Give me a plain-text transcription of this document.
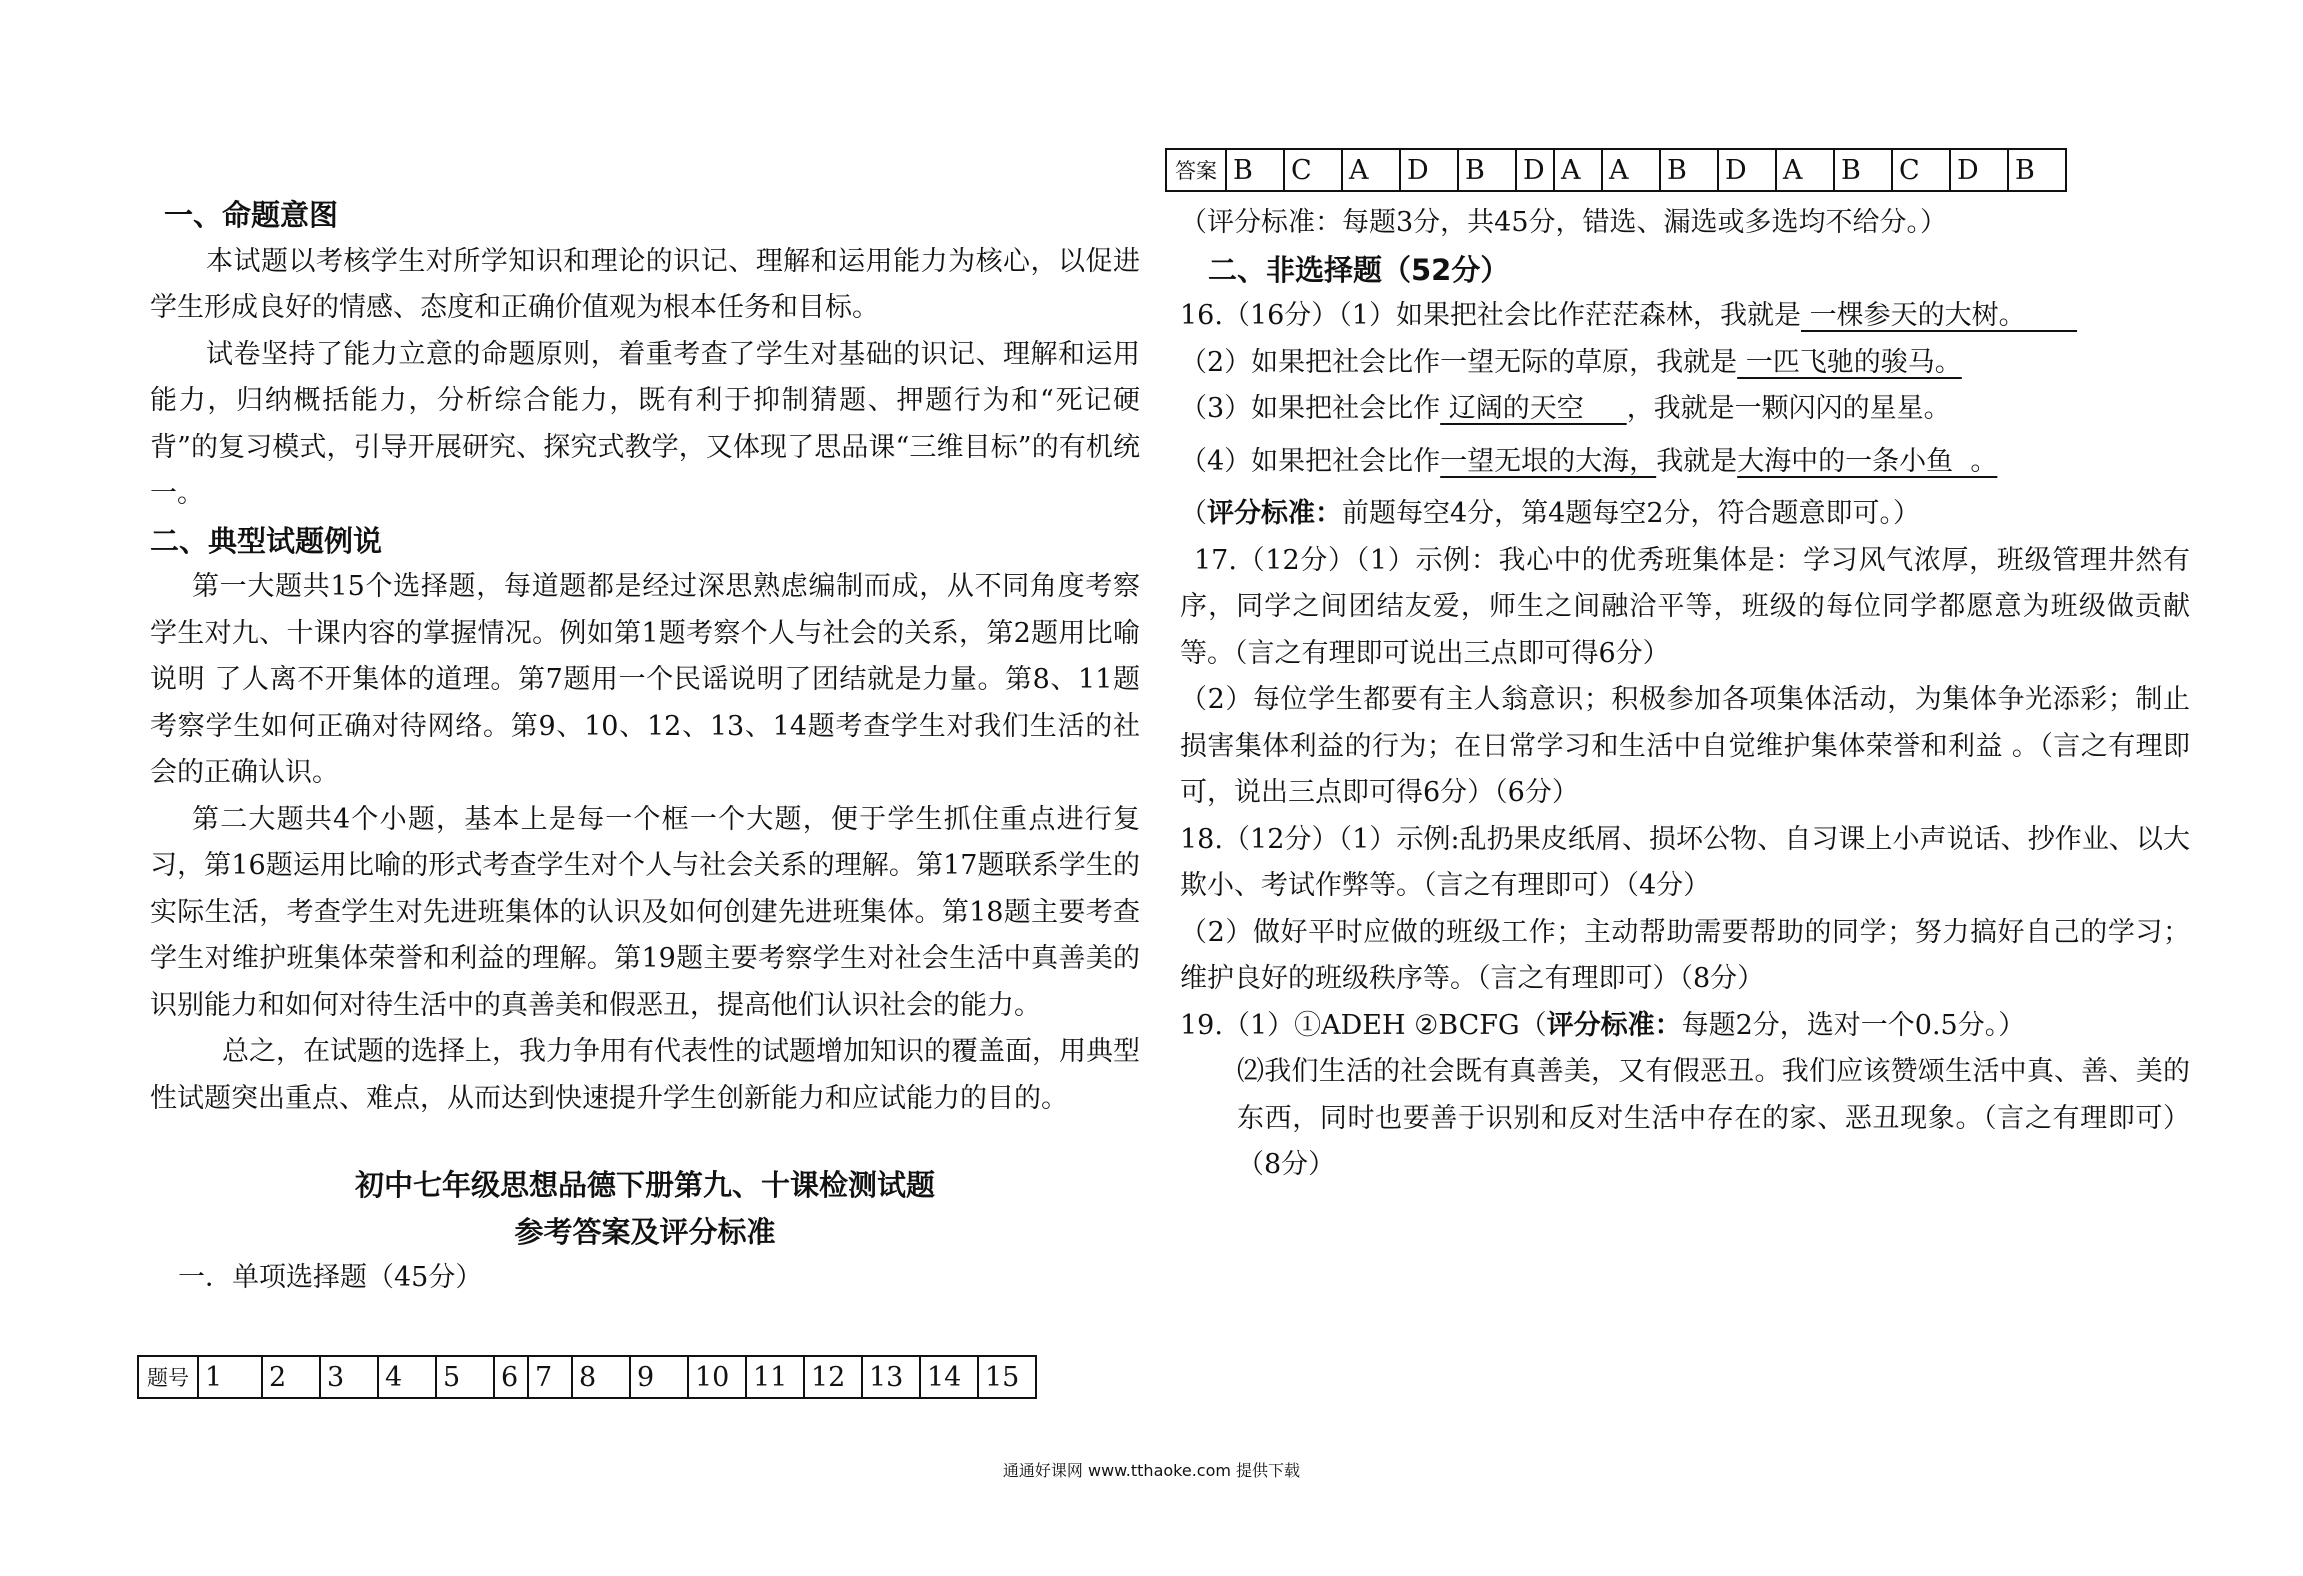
一、命题意图
本试题以考核学生对所学知识和理论的识记、理解和运用能力为核心，以促进学生形成良好的情感、态度和正确价值观为根本任务和目标。
试卷坚持了能力立意的命题原则，着重考查了学生对基础的识记、理解和运用能力，归纳概括能力，分析综合能力，既有利于抑制猜题、押题行为和“死记硬背”的复习模式，引导开展研究、探究式教学，又体现了思品课“三维目标”的有机统一。
二、典型试题例说
第一大题共15个选择题，每道题都是经过深思熟虑编制而成，从不同角度考察学生对九、十课内容的掌握情况。例如第1题考察个人与社会的关系，第2题用比喻说明 了人离不开集体的道理。第7题用一个民谣说明了团结就是力量。第8、11题考察学生如何正确对待网络。第9、10、12、13、14题考查学生对我们生活的社会的正确认识。
第二大题共4个小题，基本上是每一个框一个大题，便于学生抓住重点进行复习，第16题运用比喻的形式考查学生对个人与社会关系的理解。第17题联系学生的实际生活，考查学生对先进班集体的认识及如何创建先进班集体。第18题主要考查学生对维护班集体荣誉和利益的理解。第19题主要考察学生对社会生活中真善美的识别能力和如何对待生活中的真善美和假恶丑，提高他们认识社会的能力。
总之，在试题的选择上，我力争用有代表性的试题增加知识的覆盖面，用典型性试题突出重点、难点，从而达到快速提升学生创新能力和应试能力的目的。
初中七年级思想品德下册第九、十课检测试题
参考答案及评分标准
一．单项选择题（45分）
题号	1	2	3	4	5	6	7	8	9	10	11	12	13	14	15
答案	B	C	A	D	B	D	A	A	B	D	A	B	C	D	B
（评分标准：每题3分，共45分，错选、漏选或多选均不给分。）
二、非选择题（52分）
16.（16分）（1）如果把社会比作茫茫森林，我就是 一棵参天的大树。
（2）如果把社会比作一望无际的草原，我就是 一匹飞驰的骏马。
（3）如果把社会比作 辽阔的天空     ，我就是一颗闪闪的星星。
（4）如果把社会比作一望无垠的大海，我就是大海中的一条小鱼  。
（评分标准：前题每空4分，第4题每空2分，符合题意即可。）
17.（12分）（1）示例：我心中的优秀班集体是：学习风气浓厚，班级管理井然有序，同学之间团结友爱，师生之间融洽平等，班级的每位同学都愿意为班级做贡献等。（言之有理即可说出三点即可得6分）
（2）每位学生都要有主人翁意识；积极参加各项集体活动，为集体争光添彩；制止损害集体利益的行为；在日常学习和生活中自觉维护集体荣誉和利益 。（言之有理即可，说出三点即可得6分）（6分）
18.（12分）（1）示例:乱扔果皮纸屑、损坏公物、自习课上小声说话、抄作业、以大欺小、考试作弊等。（言之有理即可）（4分）
（2）做好平时应做的班级工作；主动帮助需要帮助的同学；努力搞好自己的学习；维护良好的班级秩序等。（言之有理即可）（8分）
19.（1）①ADEH ②BCFG（评分标准：每题2分，选对一个0.5分。）
⑵我们生活的社会既有真善美，又有假恶丑。我们应该赞颂生活中真、善、美的东西，同时也要善于识别和反对生活中存在的家、恶丑现象。（言之有理即可）（8分）
通通好课网 www.tthaoke.com 提供下载
